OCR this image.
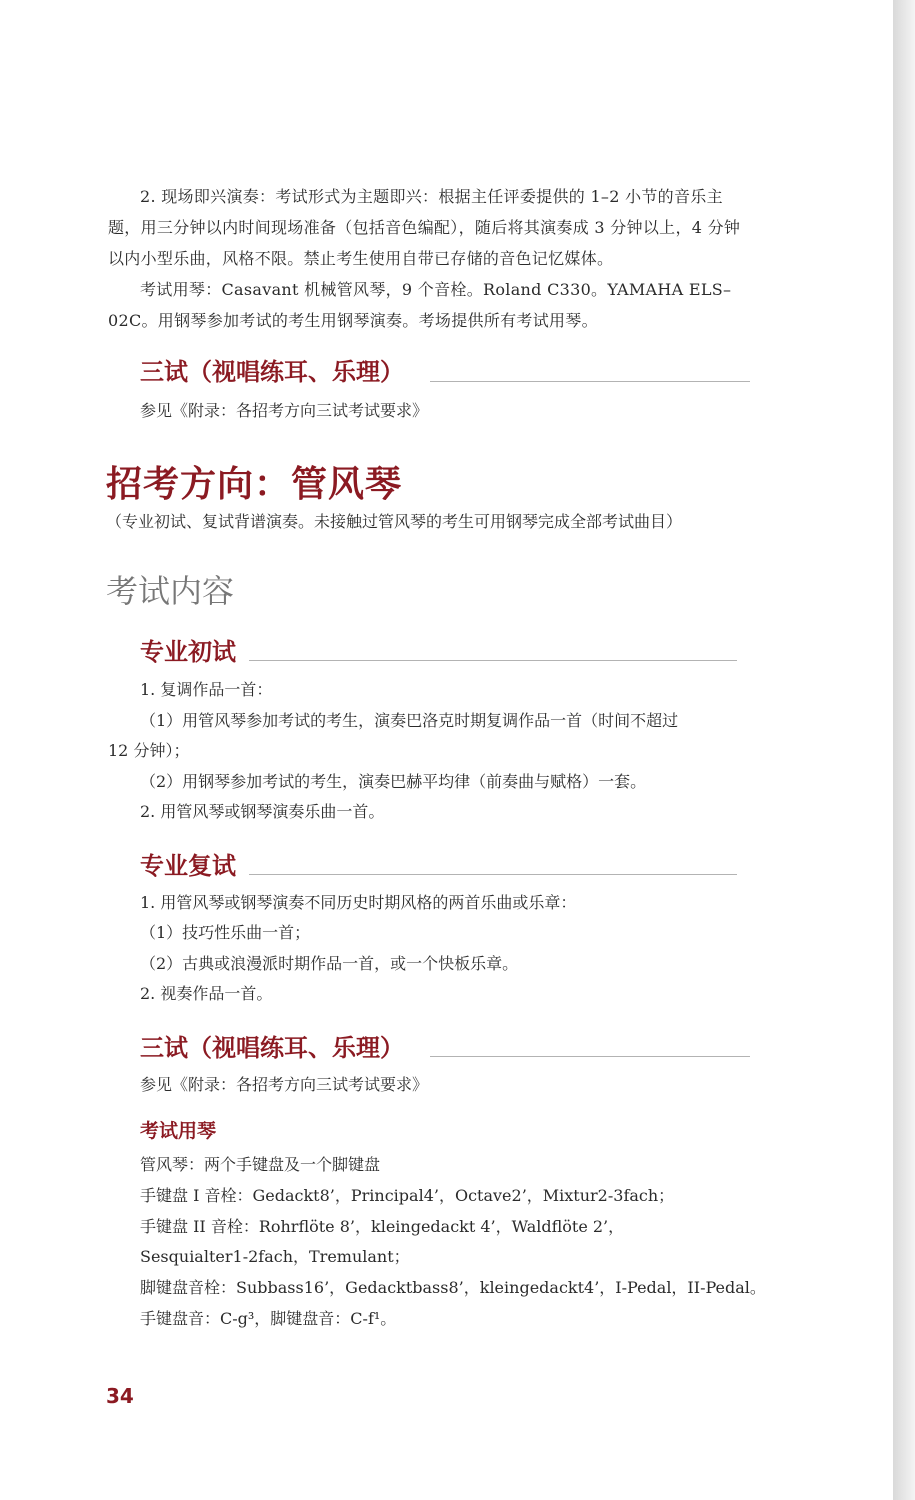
2. 现场即兴演奏：考试形式为主题即兴：根据主任评委提供的 1–2 小节的音乐主题，用三分钟以内时间现场准备（包括音色编配），随后将其演奏成 3 分钟以上，4 分钟以内小型乐曲，风格不限。禁止考生使用自带已存储的音色记忆媒体。

考试用琴：Casavant 机械管风琴，9 个音栓。Roland C330。YAMAHA ELS–02C。用钢琴参加考试的考生用钢琴演奏。考场提供所有考试用琴。

三试（视唱练耳、乐理）
参见《附录：各招考方向三试考试要求》
招考方向：管风琴
（专业初试、复试背谱演奏。未接触过管风琴的考生可用钢琴完成全部考试曲目）
考试内容
专业初试
1. 复调作品一首：
（1）用管风琴参加考试的考生，演奏巴洛克时期复调作品一首（时间不超过
12 分钟）；
（2）用钢琴参加考试的考生，演奏巴赫平均律（前奏曲与赋格）一套。
2. 用管风琴或钢琴演奏乐曲一首。
专业复试
1. 用管风琴或钢琴演奏不同历史时期风格的两首乐曲或乐章：
（1）技巧性乐曲一首；
（2）古典或浪漫派时期作品一首，或一个快板乐章。
2. 视奏作品一首。
三试（视唱练耳、乐理）
参见《附录：各招考方向三试考试要求》
考试用琴
管风琴：两个手键盘及一个脚键盘
手键盘 I 音栓：Gedackt8’，Principal4’，Octave2’，Mixtur2-3fach；
手键盘 II 音栓：Rohrflöte 8’，kleingedackt 4’，Waldflöte 2’，
Sesquialter1-2fach，Tremulant；
脚键盘音栓：Subbass16’，Gedacktbass8’，kleingedackt4’，I-Pedal，II-Pedal。
手键盘音：C-g³，脚键盘音：C-f¹。
34
